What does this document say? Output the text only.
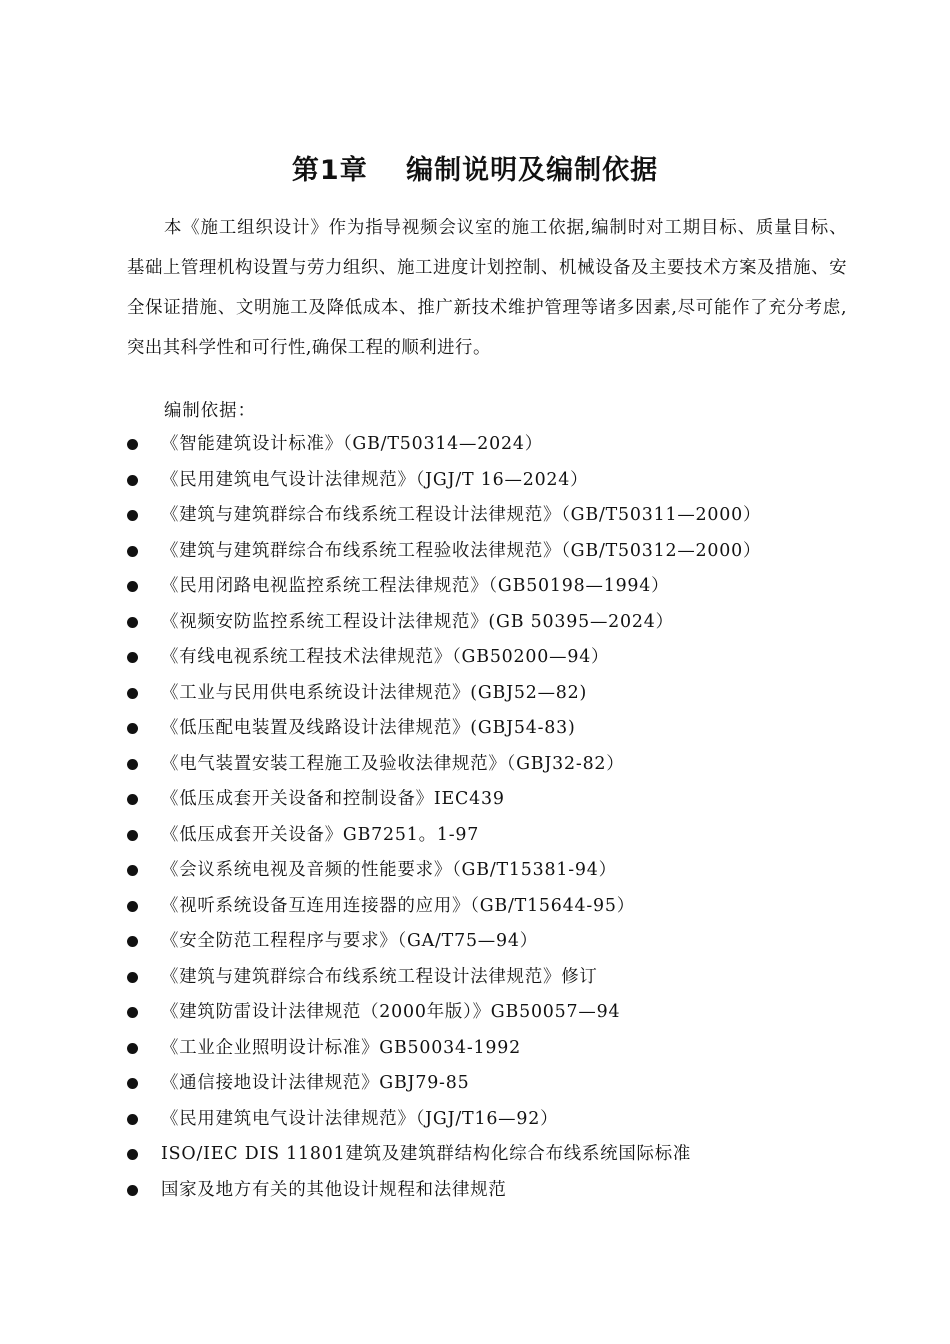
第1章　 编制说明及编制依据
本《施工组织设计》作为指导视频会议室的施工依据,编制时对工期目标、质量目标、基础上管理机构设置与劳力组织、施工进度计划控制、机械设备及主要技术方案及措施、安全保证措施、文明施工及降低成本、推广新技术维护管理等诸多因素,尽可能作了充分考虑,突出其科学性和可行性,确保工程的顺利进行。
编制依据：
《智能建筑设计标准》（GB/T50314—2024）
《民用建筑电气设计法律规范》（JGJ/T 16—2024）
《建筑与建筑群综合布线系统工程设计法律规范》（GB/T50311—2000）
《建筑与建筑群综合布线系统工程验收法律规范》（GB/T50312—2000）
《民用闭路电视监控系统工程法律规范》（GB50198—1994）
《视频安防监控系统工程设计法律规范》(GB 50395—2024）
《有线电视系统工程技术法律规范》（GB50200—94）
《工业与民用供电系统设计法律规范》(GBJ52—82)
《低压配电装置及线路设计法律规范》(GBJ54-83)
《电气装置安装工程施工及验收法律规范》（GBJ32-82）
《低压成套开关设备和控制设备》IEC439
《低压成套开关设备》GB7251。1-97
《会议系统电视及音频的性能要求》（GB/T15381-94）
《视听系统设备互连用连接器的应用》（GB/T15644-95）
《安全防范工程程序与要求》（GA/T75—94）
《建筑与建筑群综合布线系统工程设计法律规范》修订
《建筑防雷设计法律规范（2000年版）》GB50057—94
《工业企业照明设计标准》GB50034-1992
《通信接地设计法律规范》GBJ79-85
《民用建筑电气设计法律规范》（JGJ/T16—92）
ISO/IEC DIS 11801建筑及建筑群结构化综合布线系统国际标准
国家及地方有关的其他设计规程和法律规范
